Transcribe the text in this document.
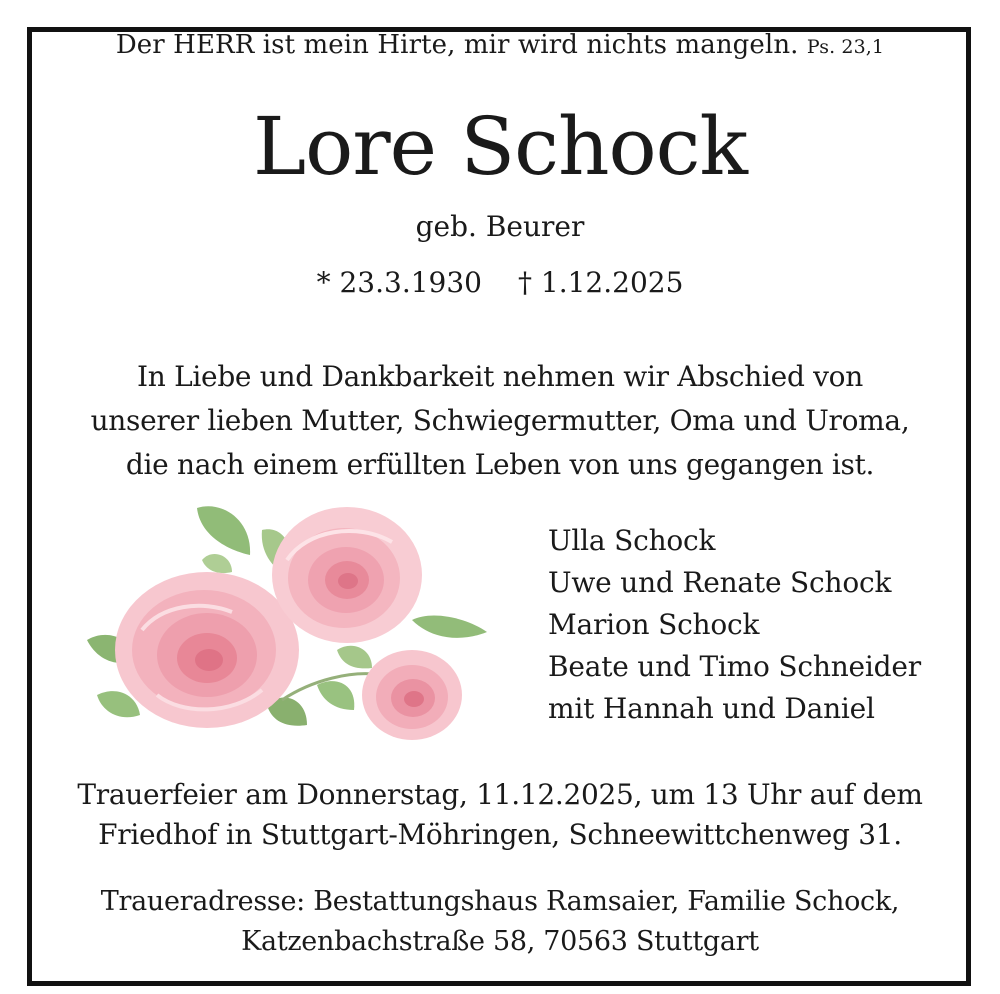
Der HERR ist mein Hirte, mir wird nichts mangeln. Ps. 23,1
Lore Schock
geb. Beurer
* 23.3.1930 † 1.12.2025
In Liebe und Dankbarkeit nehmen wir Abschied von
unserer lieben Mutter, Schwiegermutter, Oma und Uroma,
die nach einem erfüllten Leben von uns gegangen ist.
Ulla Schock
Uwe und Renate Schock
Marion Schock
Beate und Timo Schneider
mit Hannah und Daniel
Trauerfeier am Donnerstag, 11.12.2025, um 13 Uhr auf dem
Friedhof in Stuttgart-Möhringen, Schneewittchenweg 31.
Traueradresse: Bestattungshaus Ramsaier, Familie Schock,
Katzenbachstraße 58, 70563 Stuttgart
